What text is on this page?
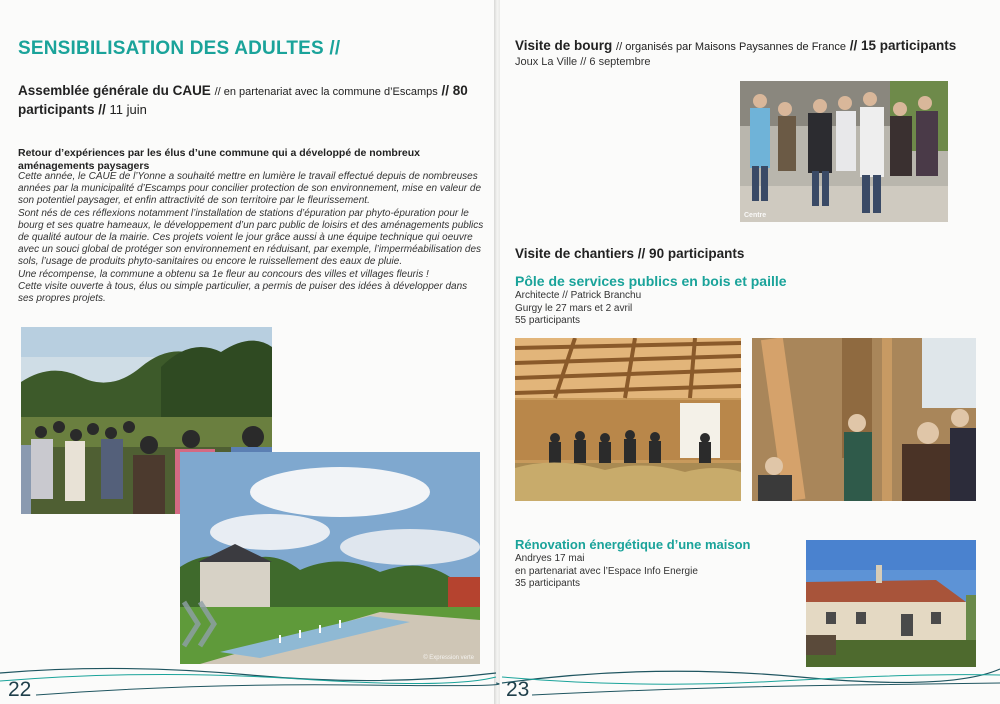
SENSIBILISATION DES ADULTES //
Assemblée générale du CAUE // en partenariat avec la commune d’Escamps // 80 participants // 11 juin
Retour d’expériences par les élus d’une commune qui a développé de nombreux aménagements paysagers

Cette année, le CAUE de l’Yonne a souhaité mettre en lumière le travail effectué depuis de nombreuses années par la municipalité d’Escamps pour concilier protection de son environnement, mise en valeur de son potentiel paysager, et enfin attractivité de son territoire par le fleurissement.

Sont nés de ces réflexions notamment l’installation de stations d’épuration par phyto-épuration pour le bourg et ses quatre hameaux, le développement d’un parc public de loisirs et des aménagements publics de qualité autour de la mairie. Ces projets voient le jour grâce aussi à une équipe technique qui oeuvre avec un souci global de protéger son environnement en réduisant, par exemple, l’imperméabilisation des sols, l’usage de produits phyto-sanitaires ou encore le ruissellement des eaux de pluie.

Une récompense, la commune a obtenu sa 1e fleur au concours des villes et villages fleuris !

Cette visite ouverte à tous, élus ou simple particulier, a permis de puiser des idées à développer dans ses propres projets.

© Expression verte
22
Visite de bourg // organisés par Maisons Paysannes de France // 15 participants
Joux La Ville // 6 septembre
Centre
Visite de chantiers // 90 participants
Pôle de services publics en bois et paille
Architecte // Patrick Branchu
Gurgy le 27 mars et 2 avril
55 participants
Rénovation énergétique d’une maison
Andryes 17 mai
en partenariat avec l’Espace Info Energie
35 participants
23
